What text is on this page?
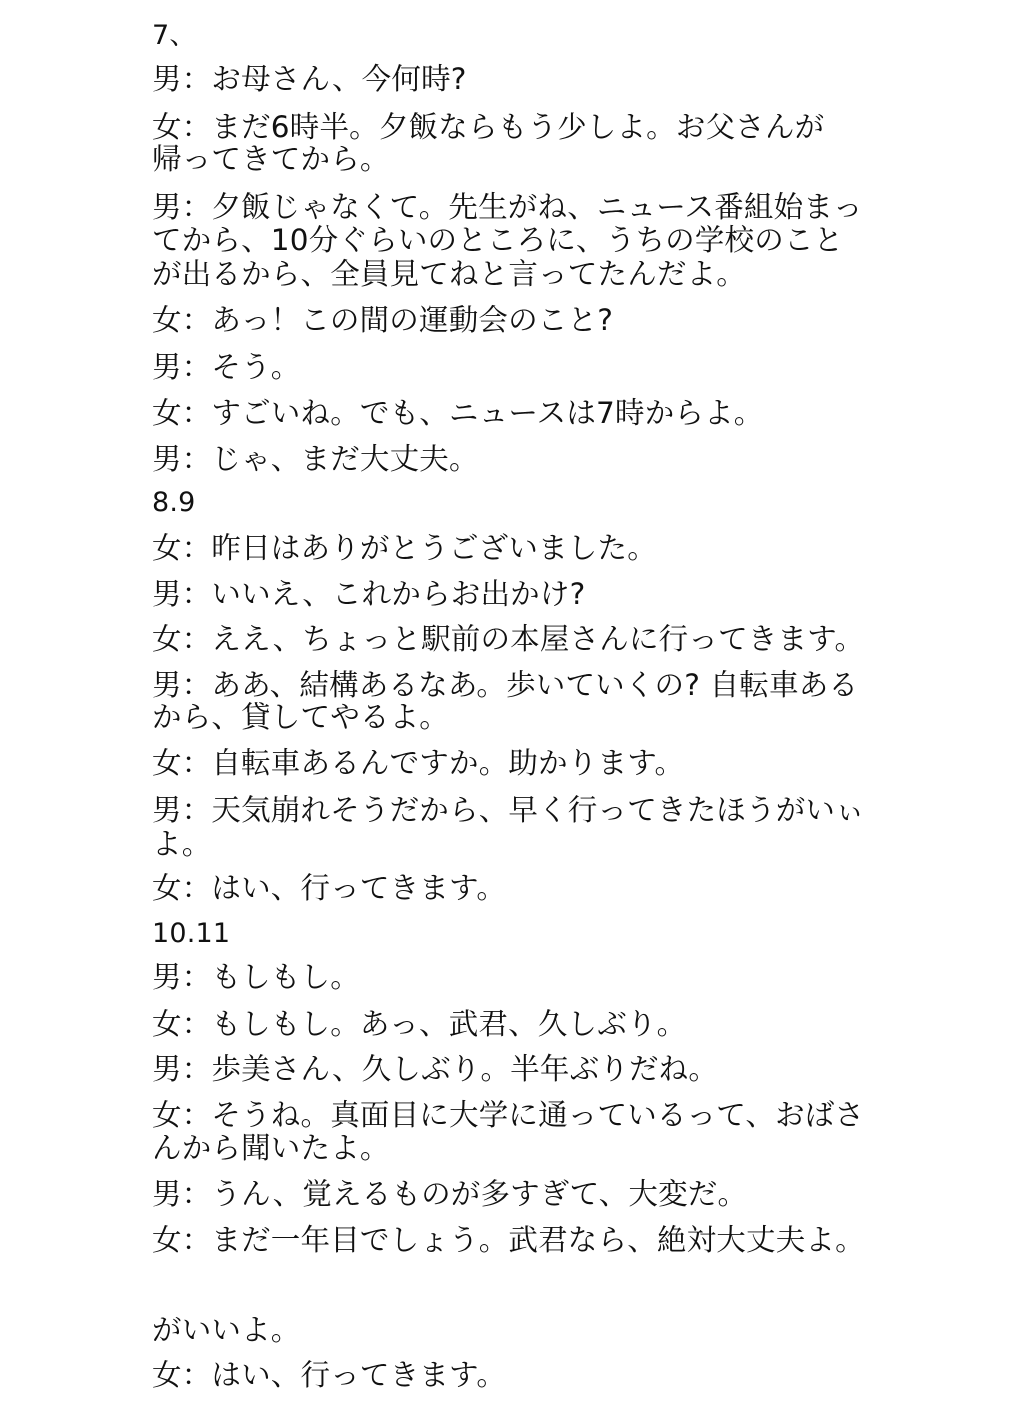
7、
男：お母さん、今何時?
女：まだ6時半。夕飯ならもう少しよ。お父さんが
帰ってきてから。
男：夕飯じゃなくて。先生がね、ニュース番組始まっ
てから、10分ぐらいのところに、うちの学校のこと
が出るから、全員見てねと言ってたんだよ。
女：あっ！この間の運動会のこと?
男：そう。
女：すごいね。でも、ニュースは7時からよ。
男：じゃ、まだ大丈夫。
8.9
女：昨日はありがとうございました。
男：いいえ、これからお出かけ?
女：ええ、ちょっと駅前の本屋さんに行ってきます。
男：ああ、結構あるなあ。歩いていくの? 自転車ある
から、貸してやるよ。
女：自転車あるんですか。助かります。
男：天気崩れそうだから、早く行ってきたほうがいぃ
よ。
女：はい、行ってきます。
10.11
男：もしもし。
女：もしもし。あっ、武君、久しぶり。
男：歩美さん、久しぶり。半年ぶりだね。
女：そうね。真面目に大学に通っているって、おばさ
んから聞いたよ。
男：うん、覚えるものが多すぎて、大変だ。
女：まだ一年目でしょう。武君なら、絶対大丈夫よ。
がいいよ。
女：はい、行ってきます。
